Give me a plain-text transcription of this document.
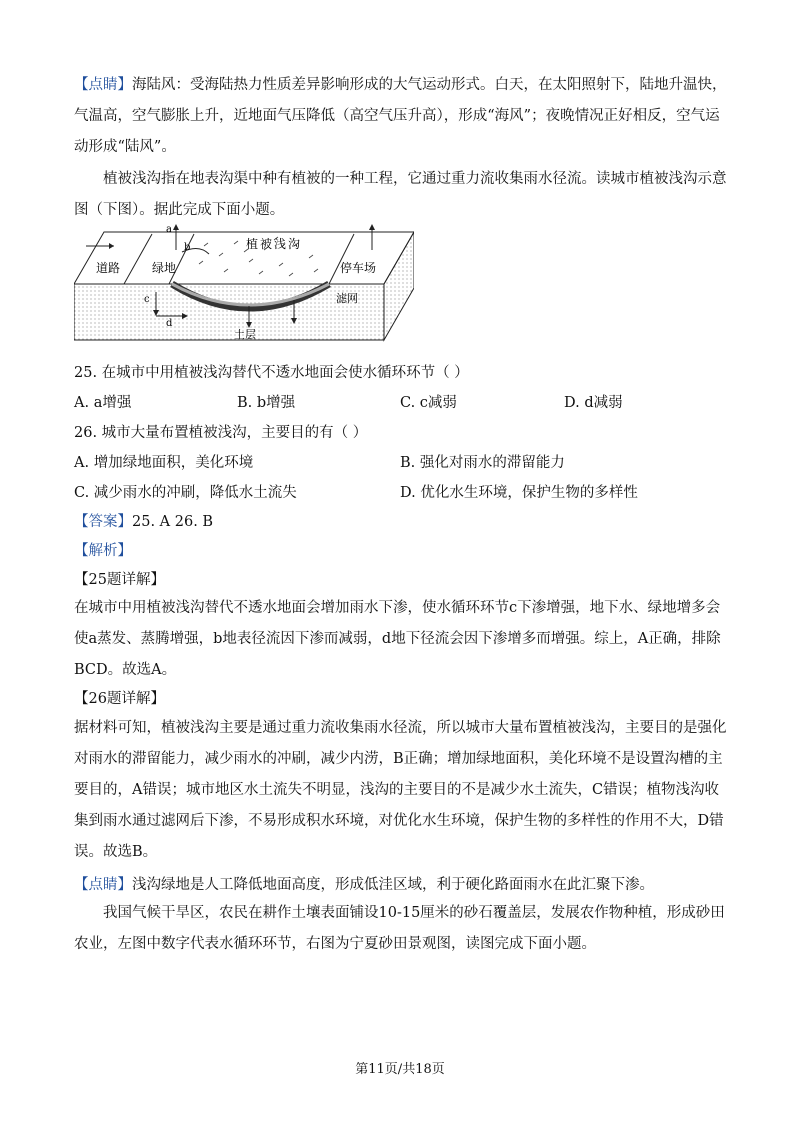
【点睛】海陆风：受海陆热力性质差异影响形成的大气运动形式。白天，在太阳照射下，陆地升温快，气温高，空气膨胀上升，近地面气压降低（高空气压升高），形成“海风”；夜晚情况正好相反，空气运动形成“陆风”。

植被浅沟指在地表沟渠中种有植被的一种工程，它通过重力流收集雨水径流。读城市植被浅沟示意图（下图）。据此完成下面小题。

a
b
c
d
植被浅沟
道路	绿地	停车场
滤网
土层

25. 在城市中用植被浅沟替代不透水地面会使水循环环节（ ）

A. a增强	B. b增强	C. c减弱	D. d减弱

26. 城市大量布置植被浅沟，主要目的有（ ）

A. 增加绿地面积，美化环境	B. 强化对雨水的滞留能力

C. 减少雨水的冲刷，降低水土流失	D. 优化水生环境，保护生物的多样性

【答案】25. A 26. B

【解析】

【25题详解】

在城市中用植被浅沟替代不透水地面会增加雨水下渗，使水循环环节c下渗增强，地下水、绿地增多会使a蒸发、蒸腾增强，b地表径流因下渗而减弱，d地下径流会因下渗增多而增强。综上，A正确，排除BCD。故选A。

【26题详解】

据材料可知，植被浅沟主要是通过重力流收集雨水径流，所以城市大量布置植被浅沟，主要目的是强化对雨水的滞留能力，减少雨水的冲刷，减少内涝，B正确；增加绿地面积，美化环境不是设置沟槽的主要目的，A错误；城市地区水土流失不明显，浅沟的主要目的不是减少水土流失，C错误；植物浅沟收集到雨水通过滤网后下渗，不易形成积水环境，对优化水生环境，保护生物的多样性的作用不大，D错误。故选B。

【点睛】浅沟绿地是人工降低地面高度，形成低洼区域，利于硬化路面雨水在此汇聚下渗。

我国气候干旱区，农民在耕作土壤表面铺设10-15厘米的砂石覆盖层，发展农作物种植，形成砂田农业，左图中数字代表水循环环节，右图为宁夏砂田景观图，读图完成下面小题。

第11页/共18页
